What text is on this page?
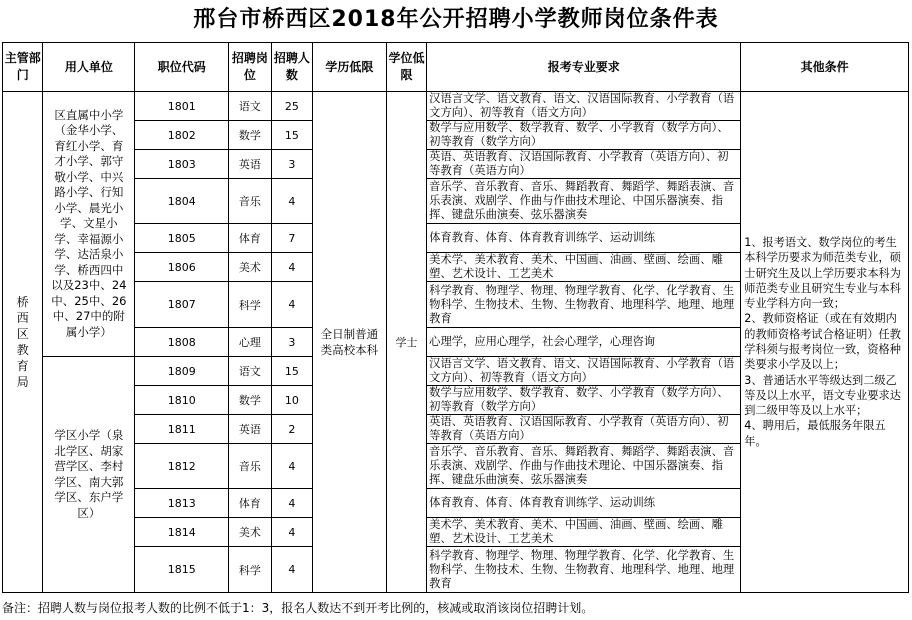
邢台市桥西区2018年公开招聘小学教师岗位条件表
主管部门	用人单位	职位代码	招聘岗位	招聘人数	学历低限	学位低限	报考专业要求	其他条件
桥西区教育局	区直属中小学（金华小学、育红小学、育才小学、郭守敬小学、中兴路小学、行知小学、晨光小学、文星小学、幸福源小学、达活泉小学、桥西四中以及23中、24中、25中、26中、27中的附属小学）	1801	语文	25	全日制普通类高校本科	学士	汉语言文学、语文教育、语文、汉语国际教育、小学教育（语文方向）、初等教育（语文方向）	1、报考语文、数学岗位的考生本科学历要求为师范类专业，硕士研究生及以上学历要求本科为师范类专业且研究生专业与本科专业学科方向一致；
2、教师资格证（或在有效期内的教师资格考试合格证明）任教学科须与报考岗位一致，资格种类要求小学及以上；
3、普通话水平等级达到二级乙等及以上水平，语文专业要求达到二级甲等及以上水平；
4、聘用后，最低服务年限五年。
		1802	数学	15			数学与应用数学、数学教育、数学、小学教育（数学方向）、初等教育（数学方向）	
		1803	英语	3			英语、英语教育、汉语国际教育、小学教育（英语方向）、初等教育（英语方向）	
		1804	音乐	4			音乐学、音乐教育、音乐、舞蹈教育、舞蹈学、舞蹈表演、音乐表演、戏剧学、作曲与作曲技术理论、中国乐器演奏、指挥、键盘乐曲演奏、弦乐器演奏	
		1805	体育	7			体育教育、体育、体育教育训练学、运动训练	
		1806	美术	4			美术学、美术教育、美术、中国画、油画、壁画、绘画、雕塑、艺术设计、工艺美术	
		1807	科学	4			科学教育、物理学、物理、物理学教育、化学、化学教育、生物科学、生物技术、生物、生物教育、地理科学、地理、地理教育	
		1808	心理	3			心理学，应用心理学，社会心理学，心理咨询	
	学区小学（泉北学区、胡家营学区、李村学区、南大郭学区、东户学区）	1809	语文	15			汉语言文学、语文教育、语文、汉语国际教育、小学教育（语文方向）、初等教育（语文方向）	
		1810	数学	10			数学与应用数学、数学教育、数学、小学教育（数学方向）、初等教育（数学方向）	
		1811	英语	2			英语、英语教育、汉语国际教育、小学教育（英语方向）、初等教育（英语方向）	
		1812	音乐	4			音乐学、音乐教育、音乐、舞蹈教育、舞蹈学、舞蹈表演、音乐表演、戏剧学、作曲与作曲技术理论、中国乐器演奏、指挥、键盘乐曲演奏、弦乐器演奏	
		1813	体育	4			体育教育、体育、体育教育训练学、运动训练	
		1814	美术	4			美术学、美术教育、美术、中国画、油画、壁画、绘画、雕塑、艺术设计、工艺美术	
		1815	科学	4			科学教育、物理学、物理、物理学教育、化学、化学教育、生物科学、生物技术、生物、生物教育、地理科学、地理、地理教育	
备注：招聘人数与岗位报考人数的比例不低于1：3，报名人数达不到开考比例的，核减或取消该岗位招聘计划。
